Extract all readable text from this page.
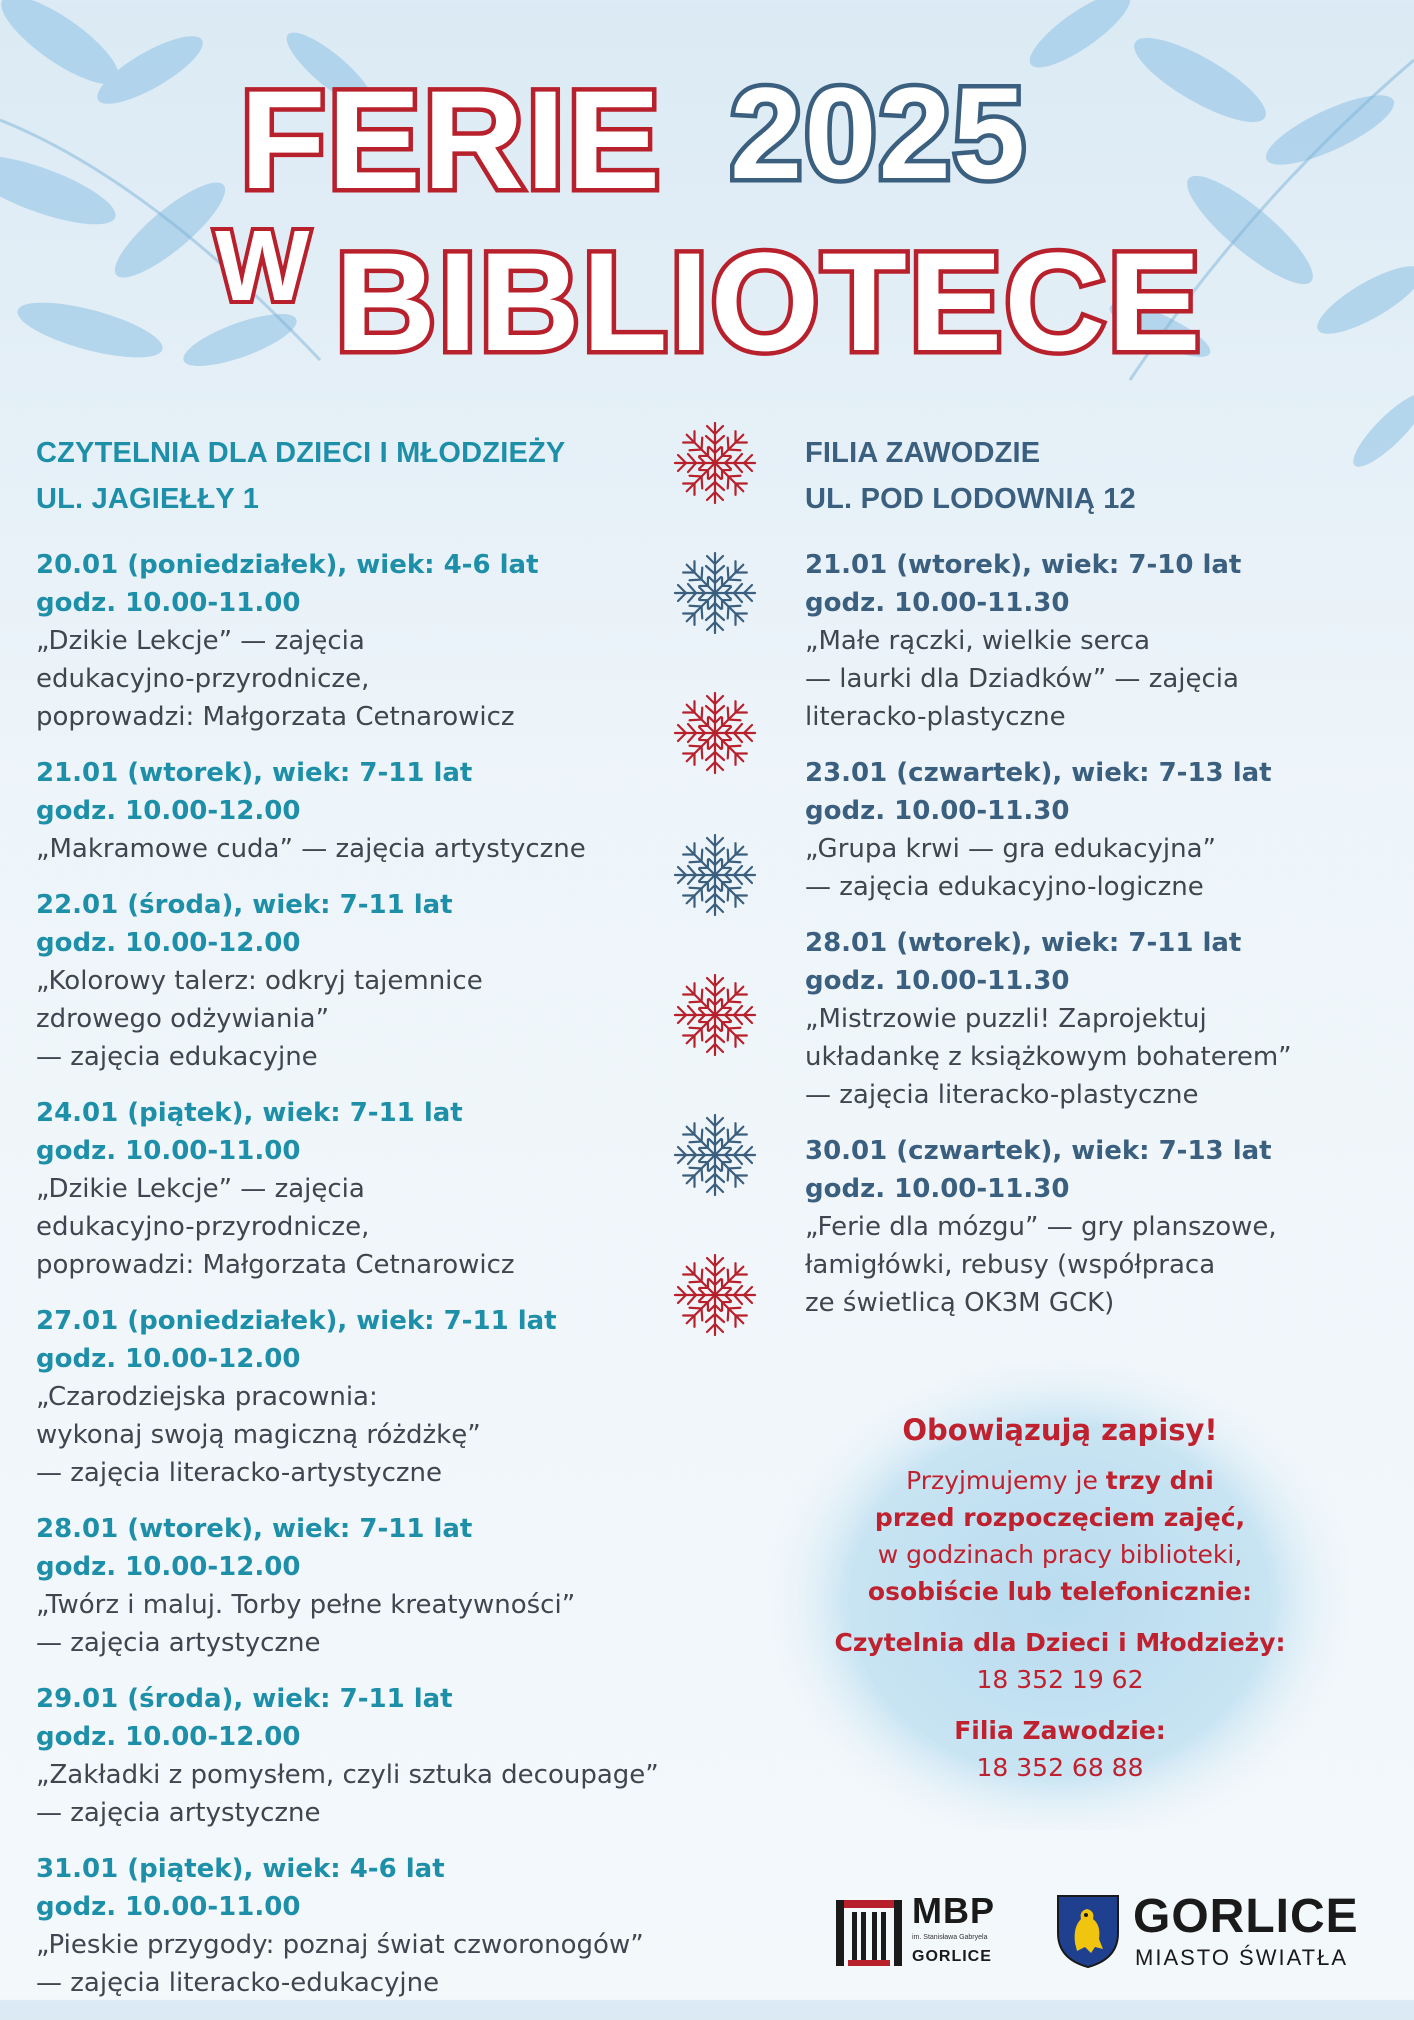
FERIE 2025
W BIBLIOTECE
CZYTELNIA DLA DZIECI I MŁODZIEŻY
UL. JAGIEŁŁY 1
20.01 (poniedziałek), wiek: 4-6 lat
godz. 10.00-11.00
„Dzikie Lekcje” — zajęcia
edukacyjno-przyrodnicze,
poprowadzi: Małgorzata Cetnarowicz
21.01 (wtorek), wiek: 7-11 lat
godz. 10.00-12.00
„Makramowe cuda” — zajęcia artystyczne
22.01 (środa), wiek: 7-11 lat
godz. 10.00-12.00
„Kolorowy talerz: odkryj tajemnice
zdrowego odżywiania”
— zajęcia edukacyjne
24.01 (piątek), wiek: 7-11 lat
godz. 10.00-11.00
„Dzikie Lekcje” — zajęcia
edukacyjno-przyrodnicze,
poprowadzi: Małgorzata Cetnarowicz
27.01 (poniedziałek), wiek: 7-11 lat
godz. 10.00-12.00
„Czarodziejska pracownia:
wykonaj swoją magiczną różdżkę”
— zajęcia literacko-artystyczne
28.01 (wtorek), wiek: 7-11 lat
godz. 10.00-12.00
„Twórz i maluj. Torby pełne kreatywności”
— zajęcia artystyczne
29.01 (środa), wiek: 7-11 lat
godz. 10.00-12.00
„Zakładki z pomysłem, czyli sztuka decoupage”
— zajęcia artystyczne
31.01 (piątek), wiek: 4-6 lat
godz. 10.00-11.00
„Pieskie przygody: poznaj świat czworonogów”
— zajęcia literacko-edukacyjne
FILIA ZAWODZIE
UL. POD LODOWNIĄ 12
21.01 (wtorek), wiek: 7-10 lat
godz. 10.00-11.30
„Małe rączki, wielkie serca
— laurki dla Dziadków” — zajęcia
literacko-plastyczne
23.01 (czwartek), wiek: 7-13 lat
godz. 10.00-11.30
„Grupa krwi — gra edukacyjna”
— zajęcia edukacyjno-logiczne
28.01 (wtorek), wiek: 7-11 lat
godz. 10.00-11.30
„Mistrzowie puzzli! Zaprojektuj
układankę z książkowym bohaterem”
— zajęcia literacko-plastyczne
30.01 (czwartek), wiek: 7-13 lat
godz. 10.00-11.30
„Ferie dla mózgu” — gry planszowe,
łamigłówki, rebusy (współpraca
ze świetlicą OK3M GCK)
Obowiązują zapisy!
Przyjmujemy je trzy dni
przed rozpoczęciem zajęć,
w godzinach pracy biblioteki,
osobiście lub telefonicznie:
Czytelnia dla Dzieci i Młodzieży:
18 352 19 62
Filia Zawodzie:
18 352 68 88
MBP
im. Stanisława Gabryela
GORLICE
GORLICE
MIASTO ŚWIATŁA
